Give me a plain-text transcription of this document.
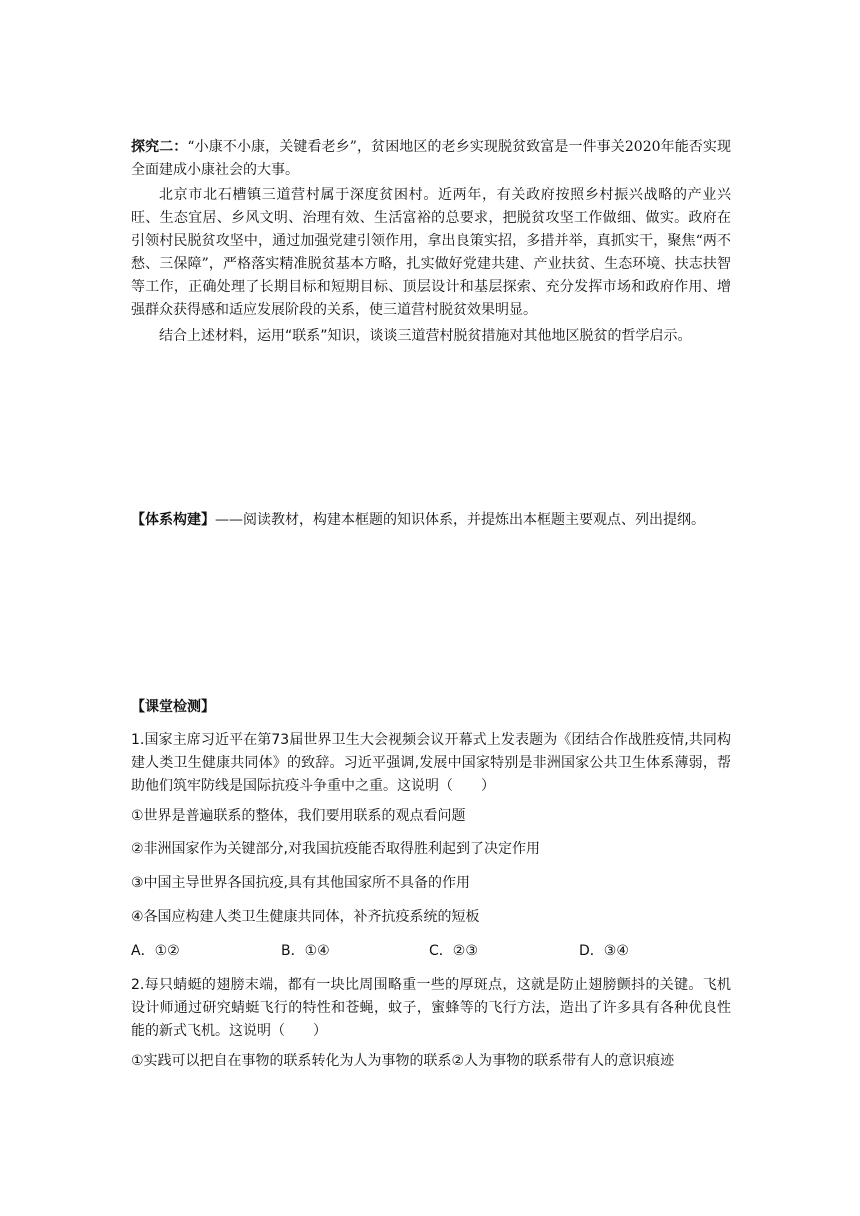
探究二：“小康不小康，关键看老乡”，贫困地区的老乡实现脱贫致富是一件事关2020年能否实现全面建成小康社会的大事。
北京市北石槽镇三道营村属于深度贫困村。近两年，有关政府按照乡村振兴战略的产业兴旺、生态宜居、乡风文明、治理有效、生活富裕的总要求，把脱贫攻坚工作做细、做实。政府在引领村民脱贫攻坚中，通过加强党建引领作用，拿出良策实招，多措并举，真抓实干，聚焦“两不愁、三保障”，严格落实精准脱贫基本方略，扎实做好党建共建、产业扶贫、生态环境、扶志扶智等工作，正确处理了长期目标和短期目标、顶层设计和基层探索、充分发挥市场和政府作用、增强群众获得感和适应发展阶段的关系，使三道营村脱贫效果明显。
结合上述材料，运用“联系”知识，谈谈三道营村脱贫措施对其他地区脱贫的哲学启示。
【体系构建】——阅读教材，构建本框题的知识体系，并提炼出本框题主要观点、列出提纲。
【课堂检测】
1.国家主席习近平在第73届世界卫生大会视频会议开幕式上发表题为《团结合作战胜疫情,共同构建人类卫生健康共同体》的致辞。习近平强调,发展中国家特别是非洲国家公共卫生体系薄弱，帮助他们筑牢防线是国际抗疫斗争重中之重。这说明（　　）
①世界是普遍联系的整体，我们要用联系的观点看问题
②非洲国家作为关键部分,对我国抗疫能否取得胜利起到了决定作用
③中国主导世界各国抗疫,具有其他国家所不具备的作用
④各国应构建人类卫生健康共同体，补齐抗疫系统的短板
A．①②	B．①④	C．②③	D．③④
2.每只蜻蜓的翅膀末端，都有一块比周围略重一些的厚斑点，这就是防止翅膀颤抖的关键。飞机设计师通过研究蜻蜓飞行的特性和苍蝇，蚊子，蜜蜂等的飞行方法，造出了许多具有各种优良性能的新式飞机。这说明（　　）
①实践可以把自在事物的联系转化为人为事物的联系②人为事物的联系带有人的意识痕迹
